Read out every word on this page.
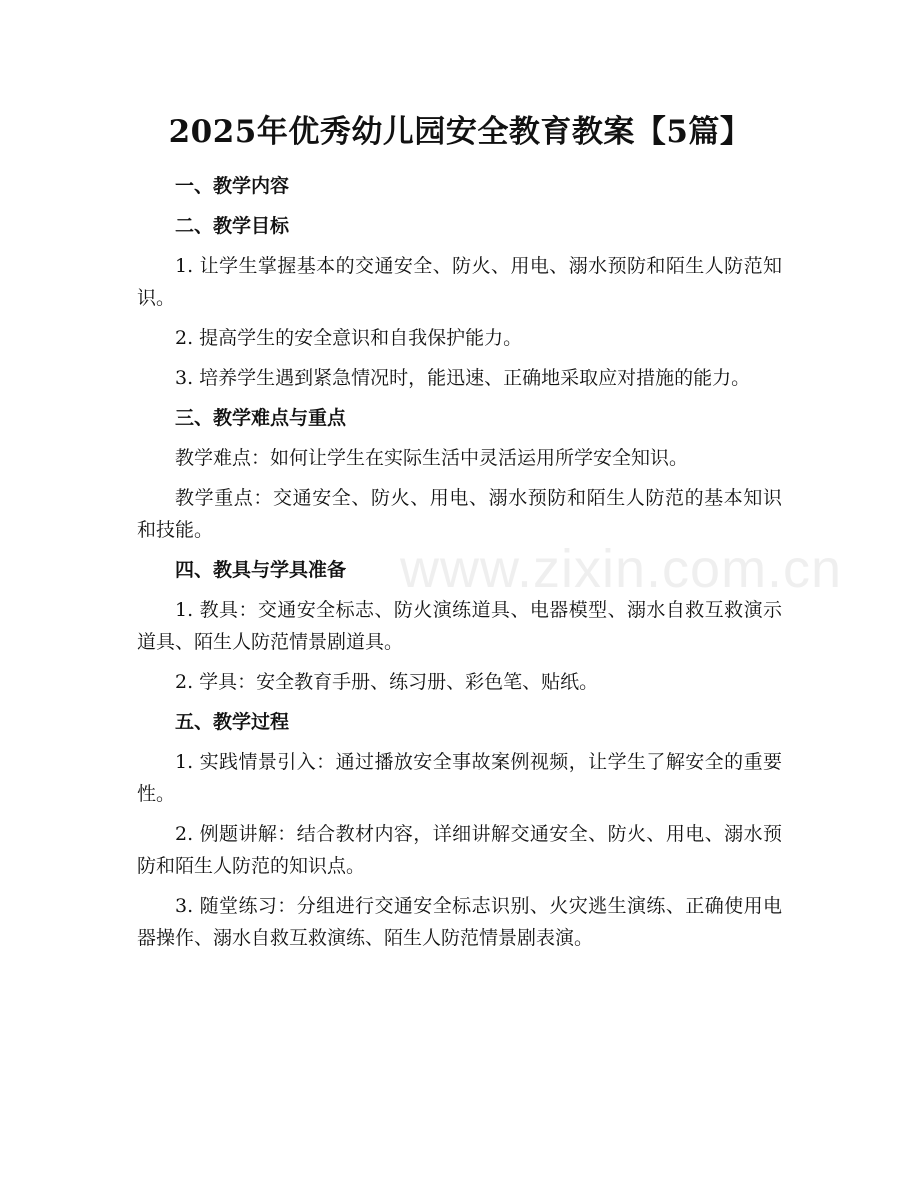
2025年优秀幼儿园安全教育教案【5篇】

一、教学内容

二、教学目标

1. 让学生掌握基本的交通安全、防火、用电、溺水预防和陌生人防范知识。

2. 提高学生的安全意识和自我保护能力。

3. 培养学生遇到紧急情况时，能迅速、正确地采取应对措施的能力。

三、教学难点与重点

教学难点：如何让学生在实际生活中灵活运用所学安全知识。

教学重点：交通安全、防火、用电、溺水预防和陌生人防范的基本知识和技能。

四、教具与学具准备

1. 教具：交通安全标志、防火演练道具、电器模型、溺水自救互救演示道具、陌生人防范情景剧道具。

2. 学具：安全教育手册、练习册、彩色笔、贴纸。

五、教学过程

1. 实践情景引入：通过播放安全事故案例视频，让学生了解安全的重要性。

2. 例题讲解：结合教材内容，详细讲解交通安全、防火、用电、溺水预防和陌生人防范的知识点。

3. 随堂练习：分组进行交通安全标志识别、火灾逃生演练、正确使用电器操作、溺水自救互救演练、陌生人防范情景剧表演。

www.zixin.com.cn
